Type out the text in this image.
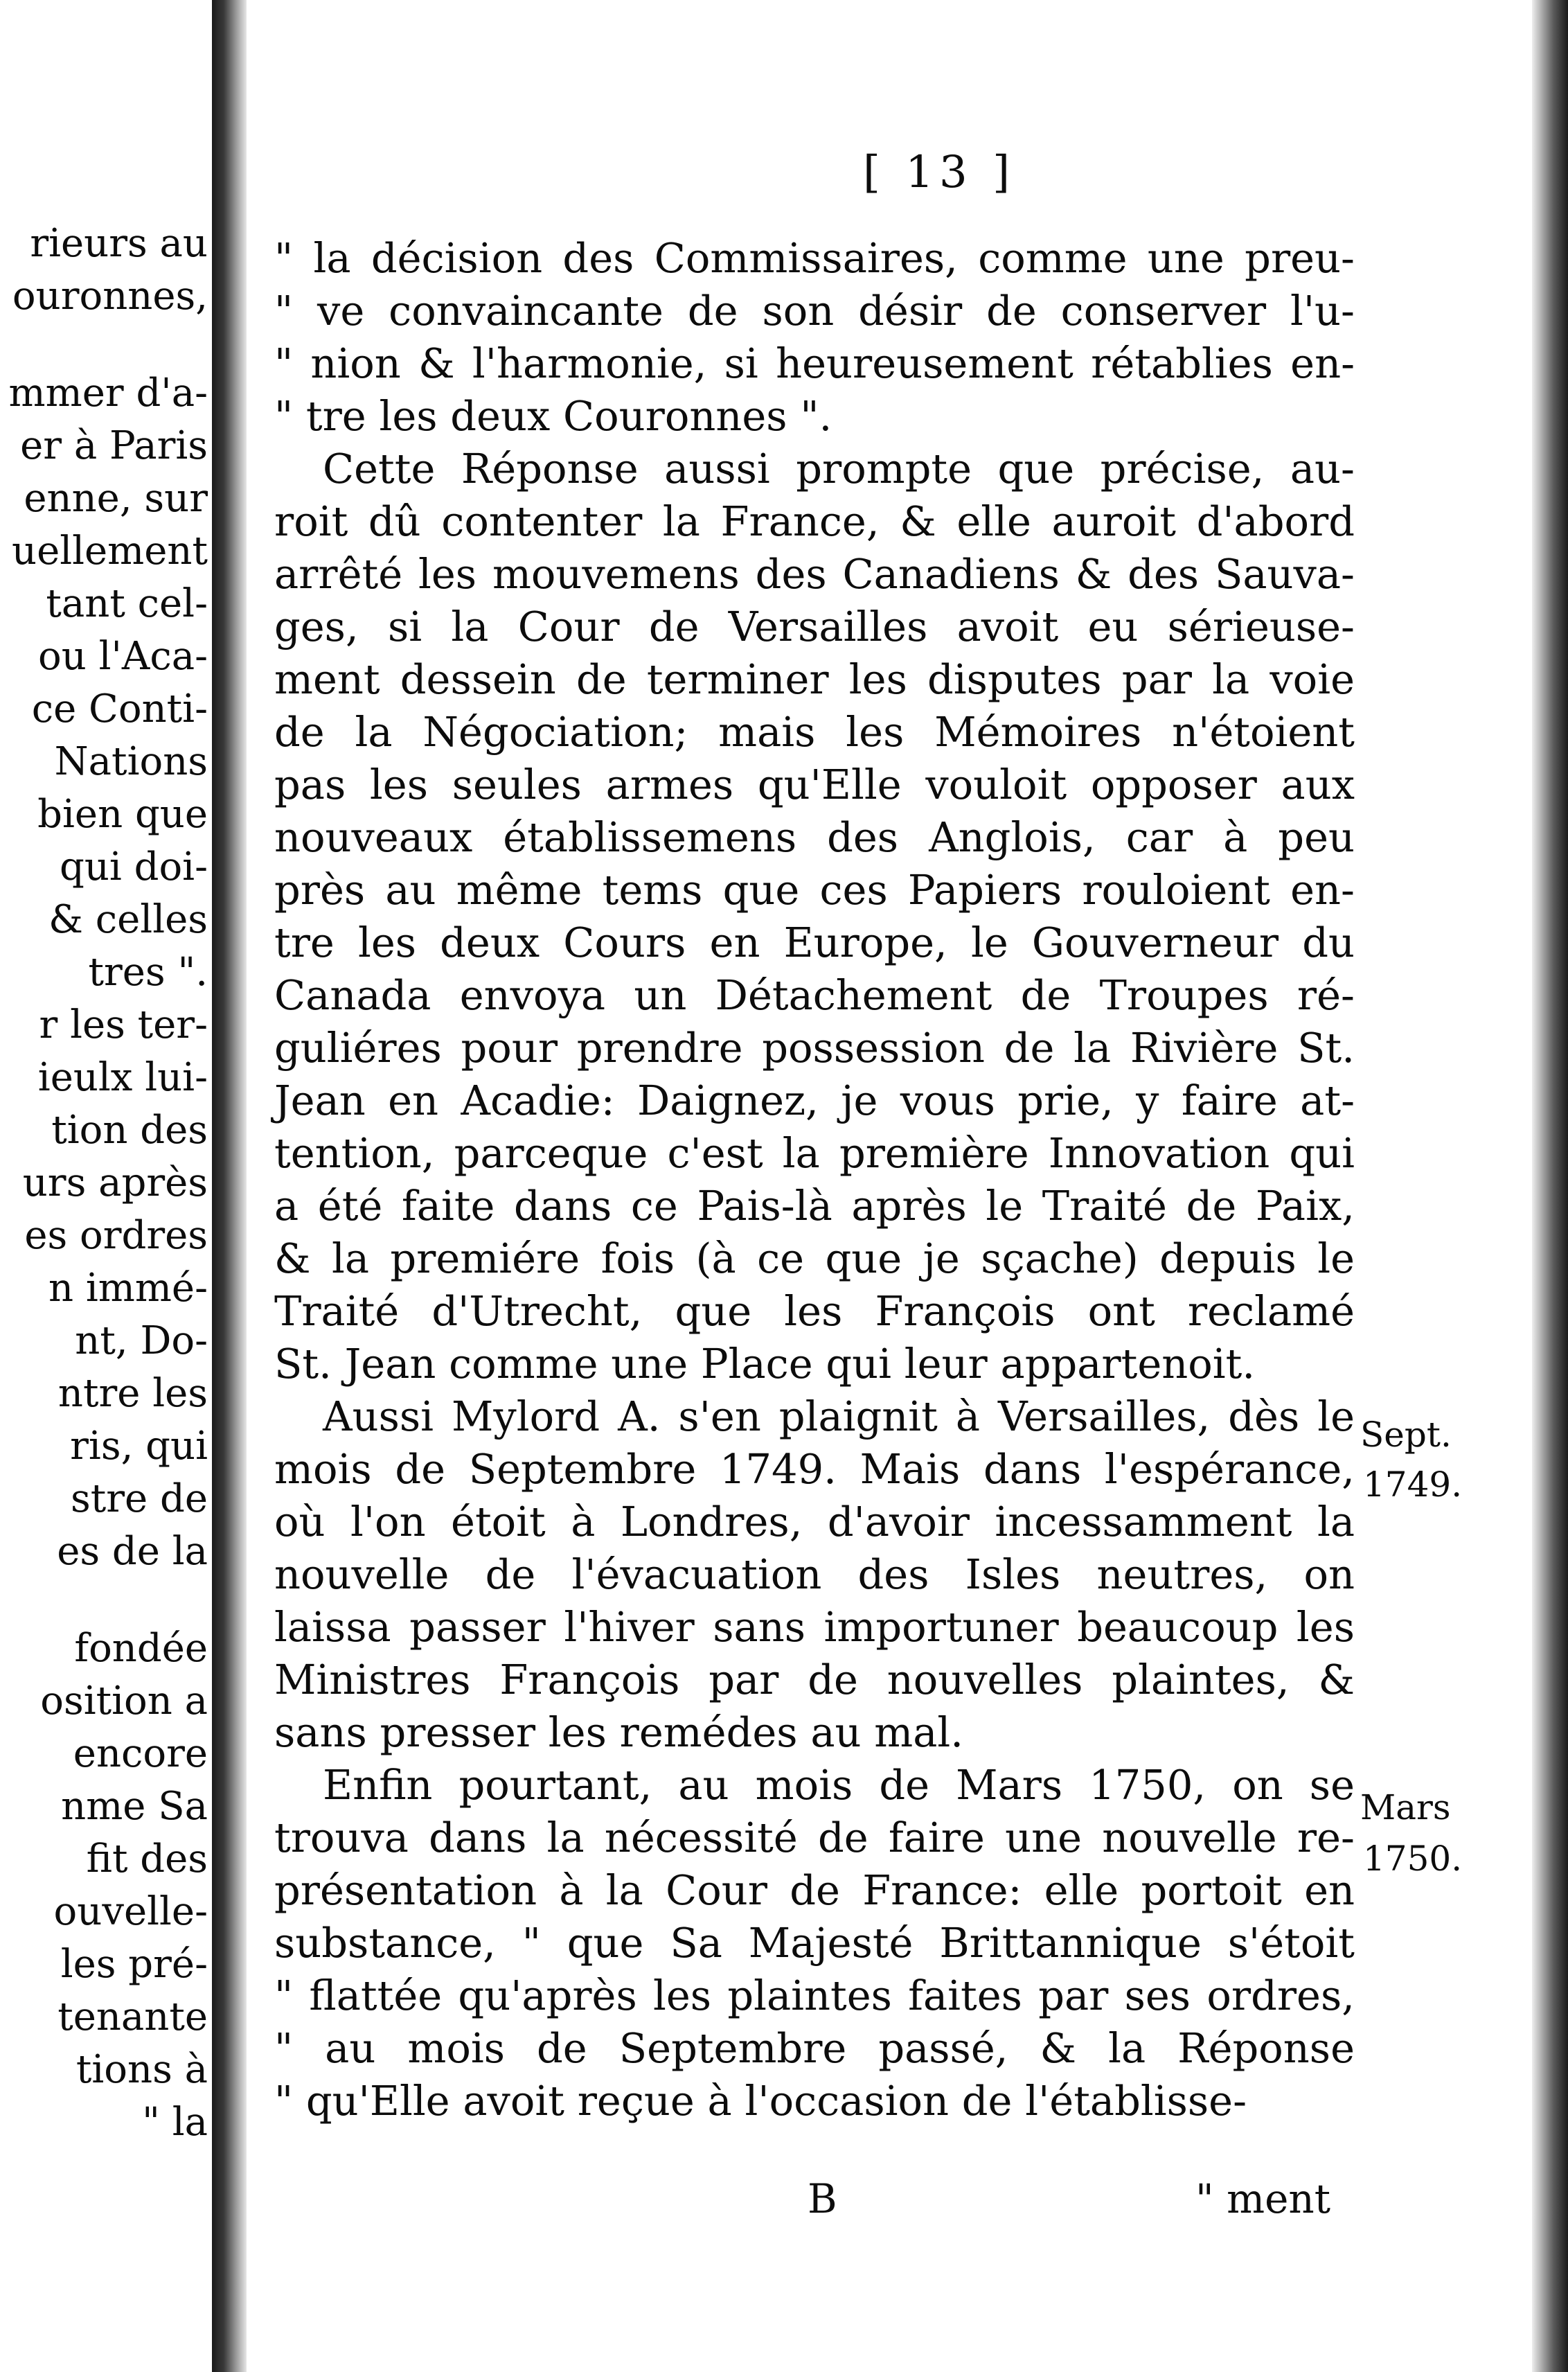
rieurs au
ouronnes,
mmer d'a-
er à Paris
enne, sur
uellement
tant cel-
ou l'Aca-
ce Conti-
Nations
bien que
qui doi-
& celles
tres ".
r les ter-
ieulx lui-
tion des
urs après
es ordres
n immé-
nt, Do-
ntre les
ris, qui
stre de
es de la
fondée
osition a
encore
nme Sa
fit des
ouvelle-
les pré-
tenante
tions à
" la
[ 13 ]
" la décision des Commissaires, comme une preu-
" ve convaincante de son désir de conserver l'u-
" nion & l'harmonie, si heureusement rétablies en-
" tre les deux Couronnes ".
Cette Réponse aussi prompte que précise, au-
roit dû contenter la France, & elle auroit d'abord
arrêté les mouvemens des Canadiens & des Sauva-
ges, si la Cour de Versailles avoit eu sérieuse-
ment dessein de terminer les disputes par la voie
de la Négociation; mais les Mémoires n'étoient
pas les seules armes qu'Elle vouloit opposer aux
nouveaux établissemens des Anglois, car à peu
près au même tems que ces Papiers rouloient en-
tre les deux Cours en Europe, le Gouverneur du
Canada envoya un Détachement de Troupes ré-
guliéres pour prendre possession de la Rivière St.
Jean en Acadie: Daignez, je vous prie, y faire at-
tention, parceque c'est la première Innovation qui
a été faite dans ce Pais-là après le Traité de Paix,
& la premiére fois (à ce que je sçache) depuis le
Traité d'Utrecht, que les François ont reclamé
St. Jean comme une Place qui leur appartenoit.
Aussi Mylord A. s'en plaignit à Versailles, dès le
mois de Septembre 1749. Mais dans l'espérance,
où l'on étoit à Londres, d'avoir incessamment la
nouvelle de l'évacuation des Isles neutres, on
laissa passer l'hiver sans importuner beaucoup les
Ministres François par de nouvelles plaintes, &
sans presser les remédes au mal.
Enfin pourtant, au mois de Mars 1750, on se
trouva dans la nécessité de faire une nouvelle re-
présentation à la Cour de France: elle portoit en
substance, " que Sa Majesté Brittannique s'étoit
" flattée qu'après les plaintes faites par ses ordres,
" au mois de Septembre passé, & la Réponse
" qu'Elle avoit reçue à l'occasion de l'établisse-
Sept.
1749.
Mars
1750.
B	" ment
